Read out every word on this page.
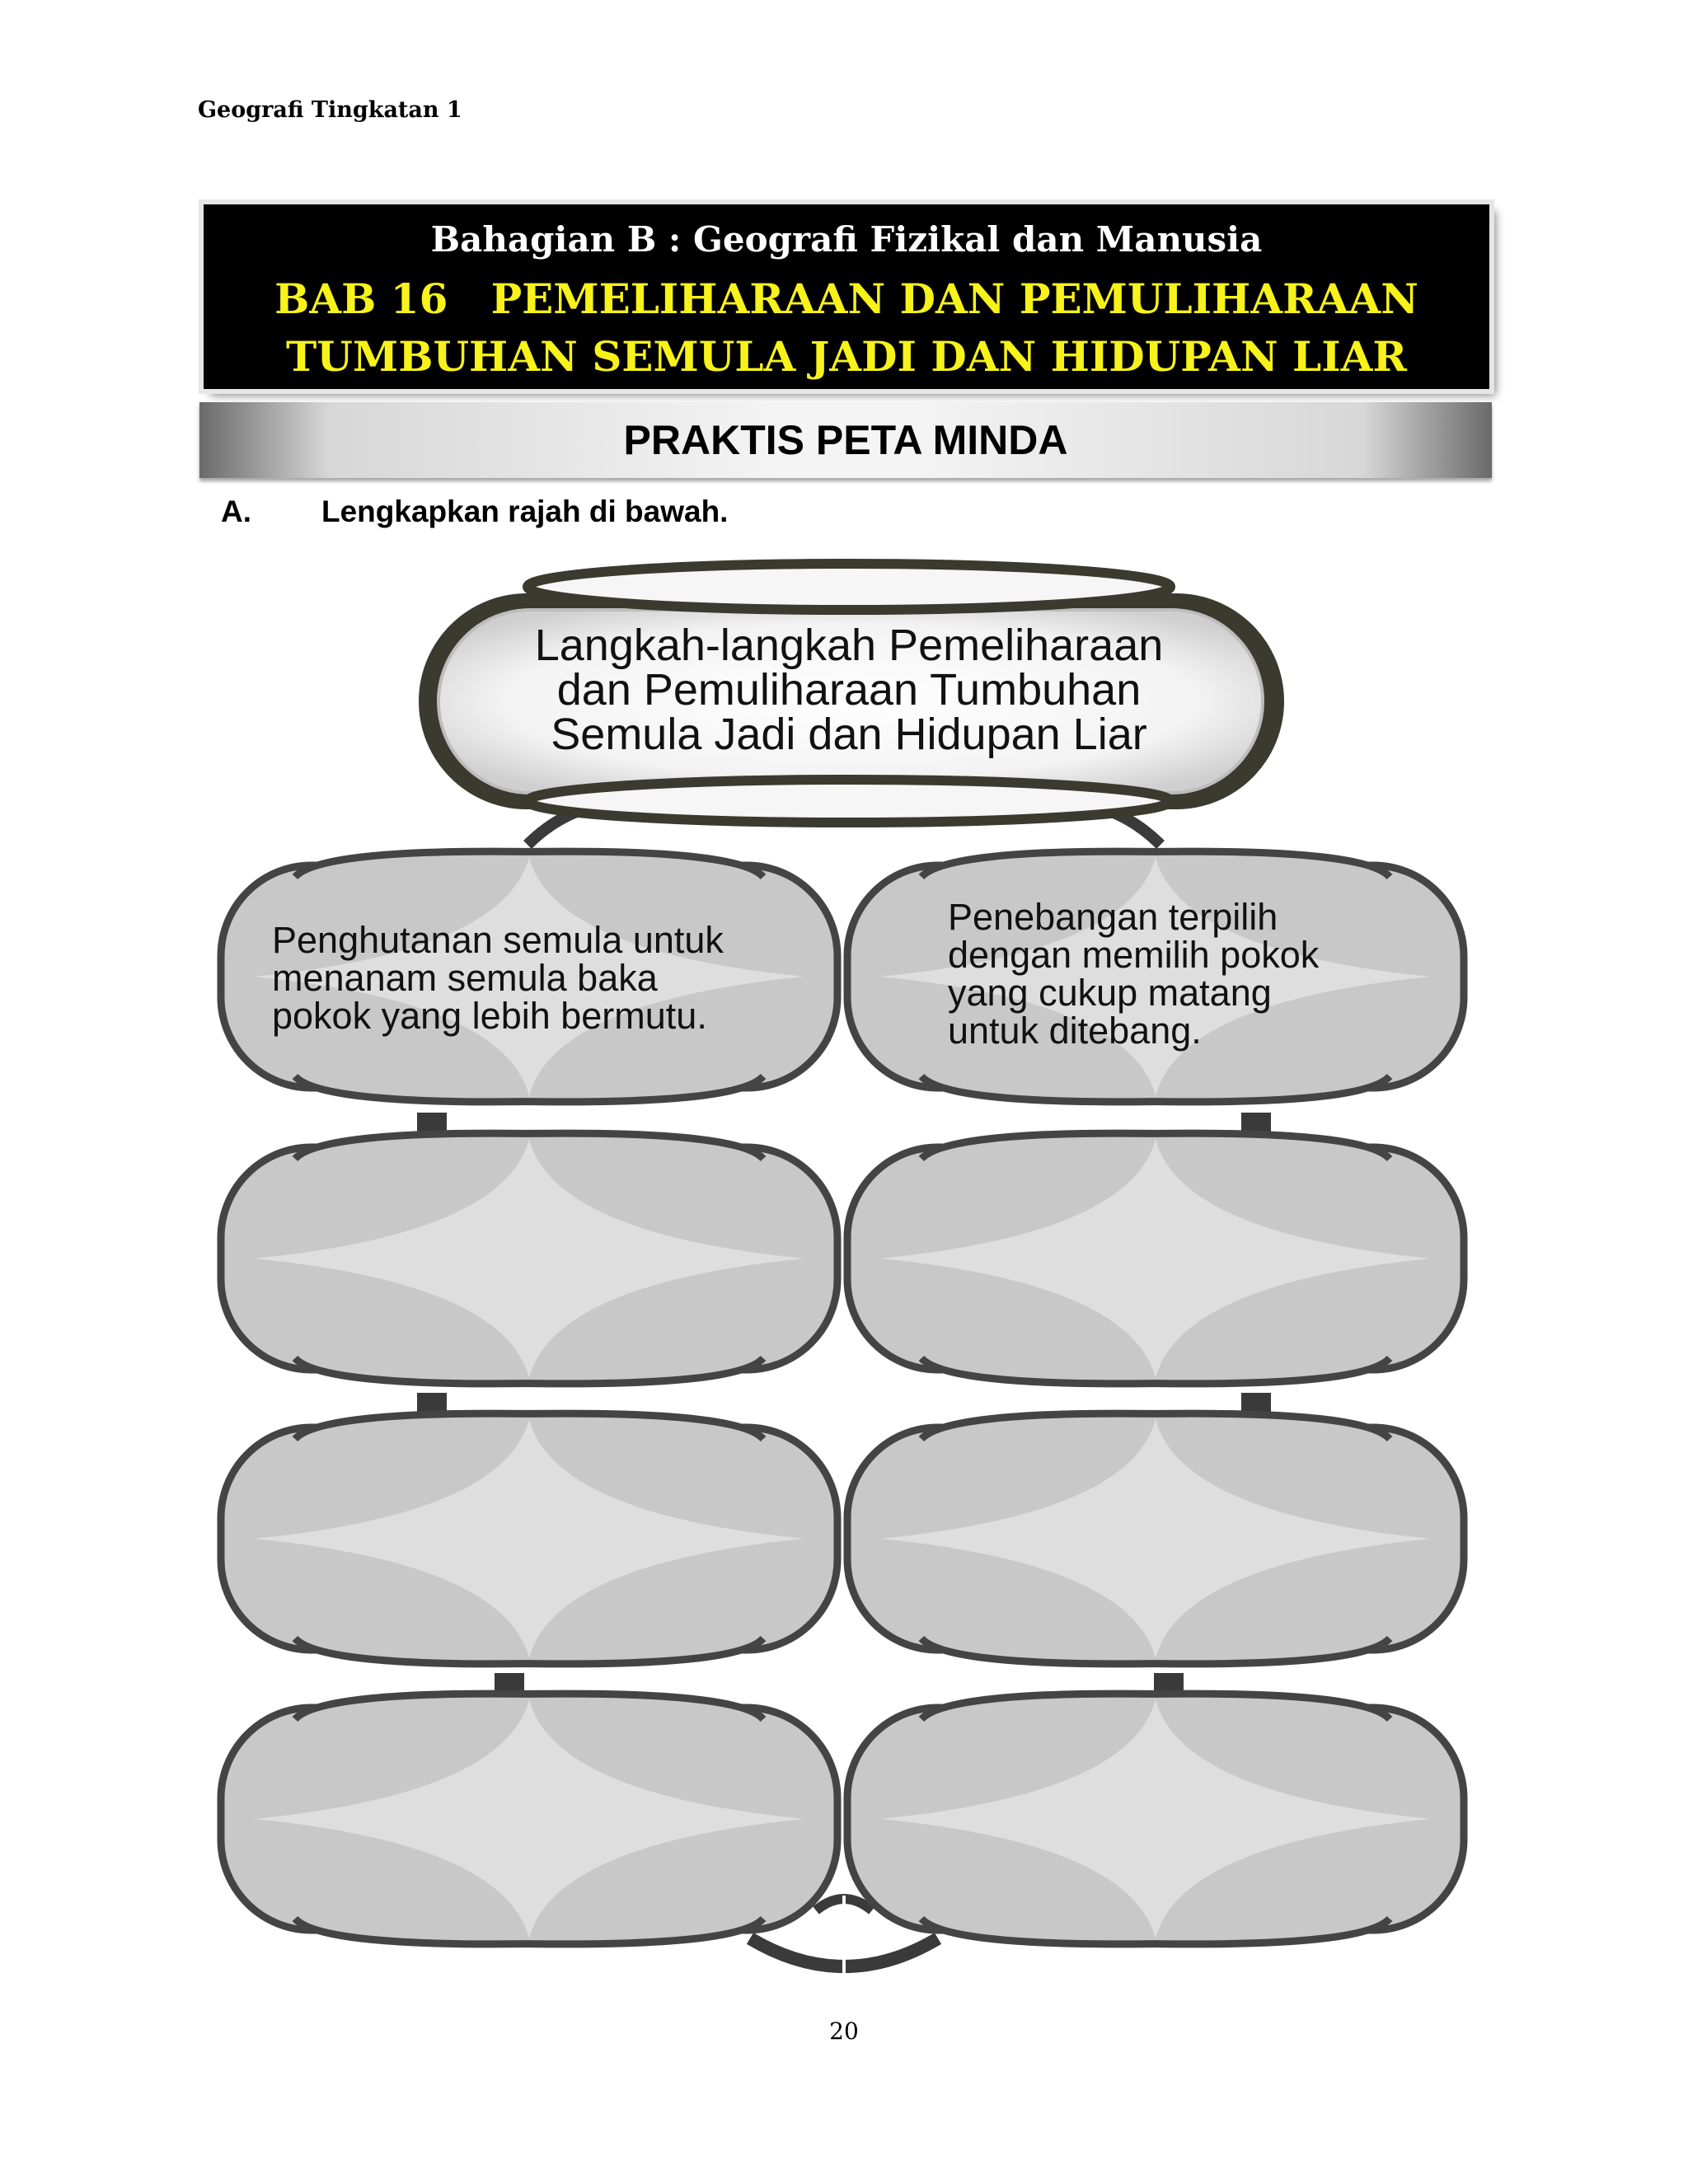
Geografi Tingkatan 1
Bahagian B : Geografi Fizikal dan Manusia
BAB 16   PEMELIHARAAN DAN PEMULIHARAAN
TUMBUHAN SEMULA JADI DAN HIDUPAN LIAR
PRAKTIS PETA MINDA
A. Lengkapkan rajah di bawah.
Langkah-langkah Pemeliharaan
dan Pemuliharaan Tumbuhan
Semula Jadi dan Hidupan Liar
Penghutanan semula untuk
menanam semula baka
pokok yang lebih bermutu.
Penebangan terpilih
dengan memilih pokok
yang cukup matang
untuk ditebang.
20
